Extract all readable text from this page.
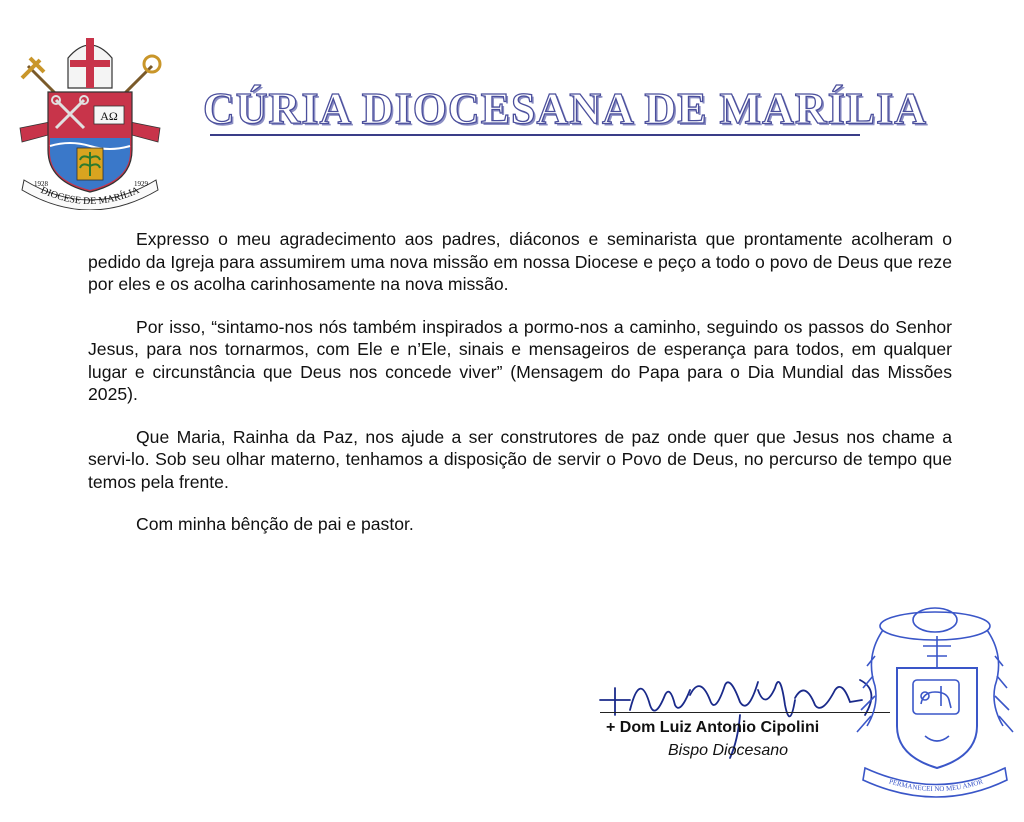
AΩ
DIOCESE DE MARÍLIA
1928	1929
CÚRIA DIOCESANA DE MARÍLIA

Expresso o meu agradecimento aos padres, diáconos e seminarista que prontamente acolheram o pedido da Igreja para assumirem uma nova missão em nossa Diocese e peço a todo o povo de Deus que reze por eles e os acolha carinhosamente na nova missão.

Por isso, “sintamo-nos nós também inspirados a pormo-nos a caminho, seguindo os passos do Senhor Jesus, para nos tornarmos, com Ele e n’Ele, sinais e mensageiros de esperança para todos, em qualquer lugar e circunstância que Deus nos concede viver” (Mensagem do Papa para o Dia Mundial das Missões 2025).

Que Maria, Rainha da Paz, nos ajude a ser construtores de paz onde quer que Jesus nos chame a servi-lo. Sob seu olhar materno, tenhamos a disposição de servir o Povo de Deus, no percurso de tempo que temos pela frente.

Com minha bênção de pai e pastor.

+ Dom Luiz Antonio Cipolini
Bispo Diocesano
PERMANECEI NO MEU AMOR
